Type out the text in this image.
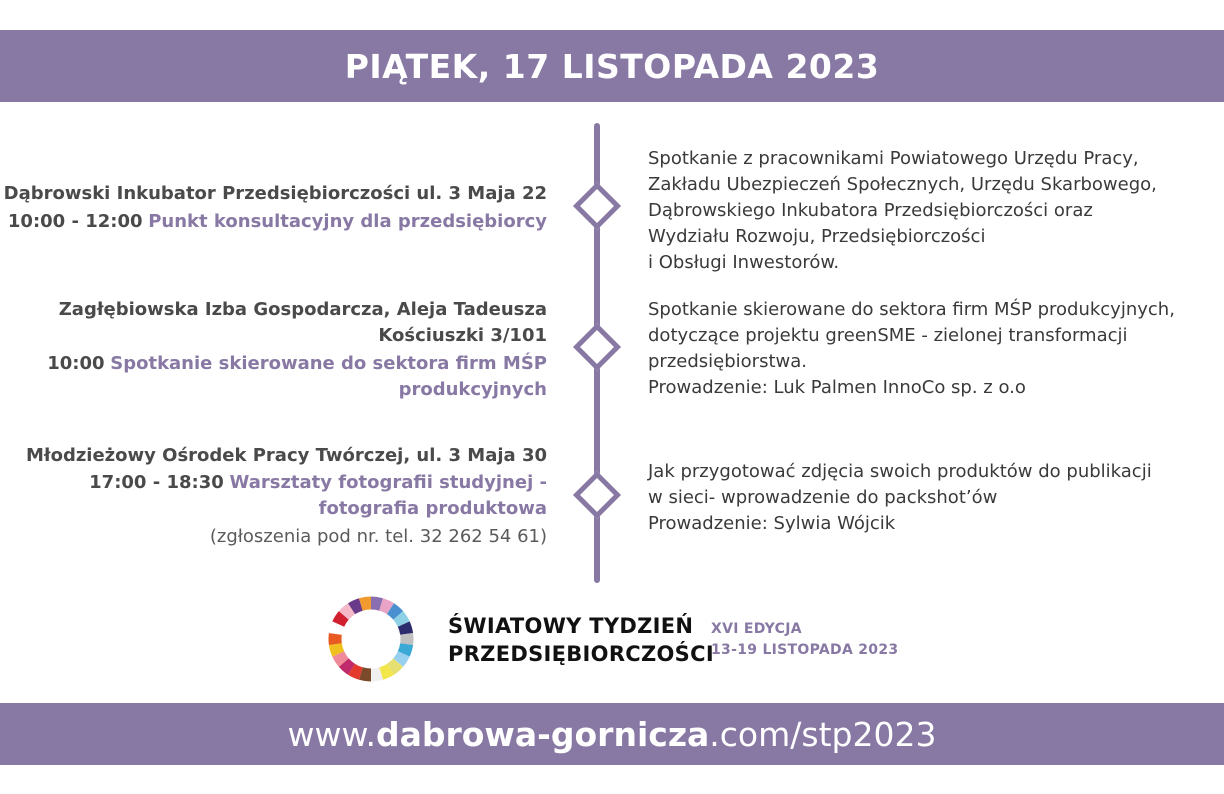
PIĄTEK, 17 LISTOPADA 2023
Dąbrowski Inkubator Przedsiębiorczości ul. 3 Maja 22
10:00 - 12:00 Punkt konsultacyjny dla przedsiębiorcy

Spotkanie z pracownikami Powiatowego Urzędu Pracy,
Zakładu Ubezpieczeń Społecznych, Urzędu Skarbowego,
Dąbrowskiego Inkubatora Przedsiębiorczości oraz
Wydziału Rozwoju, Przedsiębiorczości
i Obsługi Inwestorów.

Zagłębiowska Izba Gospodarcza, Aleja Tadeusza
Kościuszki 3/101
10:00 Spotkanie skierowane do sektora firm MŚP
produkcyjnych

Spotkanie skierowane do sektora firm MŚP produkcyjnych,
dotyczące projektu greenSME - zielonej transformacji
przedsiębiorstwa.
Prowadzenie: Luk Palmen InnoCo sp. z o.o

Młodzieżowy Ośrodek Pracy Twórczej, ul. 3 Maja 30
17:00 - 18:30 Warsztaty fotografii studyjnej -
fotografia produktowa
(zgłoszenia pod nr. tel. 32 262 54 61)

Jak przygotować zdjęcia swoich produktów do publikacji
w sieci- wprowadzenie do packshot’ów
Prowadzenie: Sylwia Wójcik

ŚWIATOWY TYDZIEŃ
PRZEDSIĘBIORCZOŚCI
XVI EDYCJA
13-19 LISTOPADA 2023
www.dabrowa-gornicza.com/stp2023
